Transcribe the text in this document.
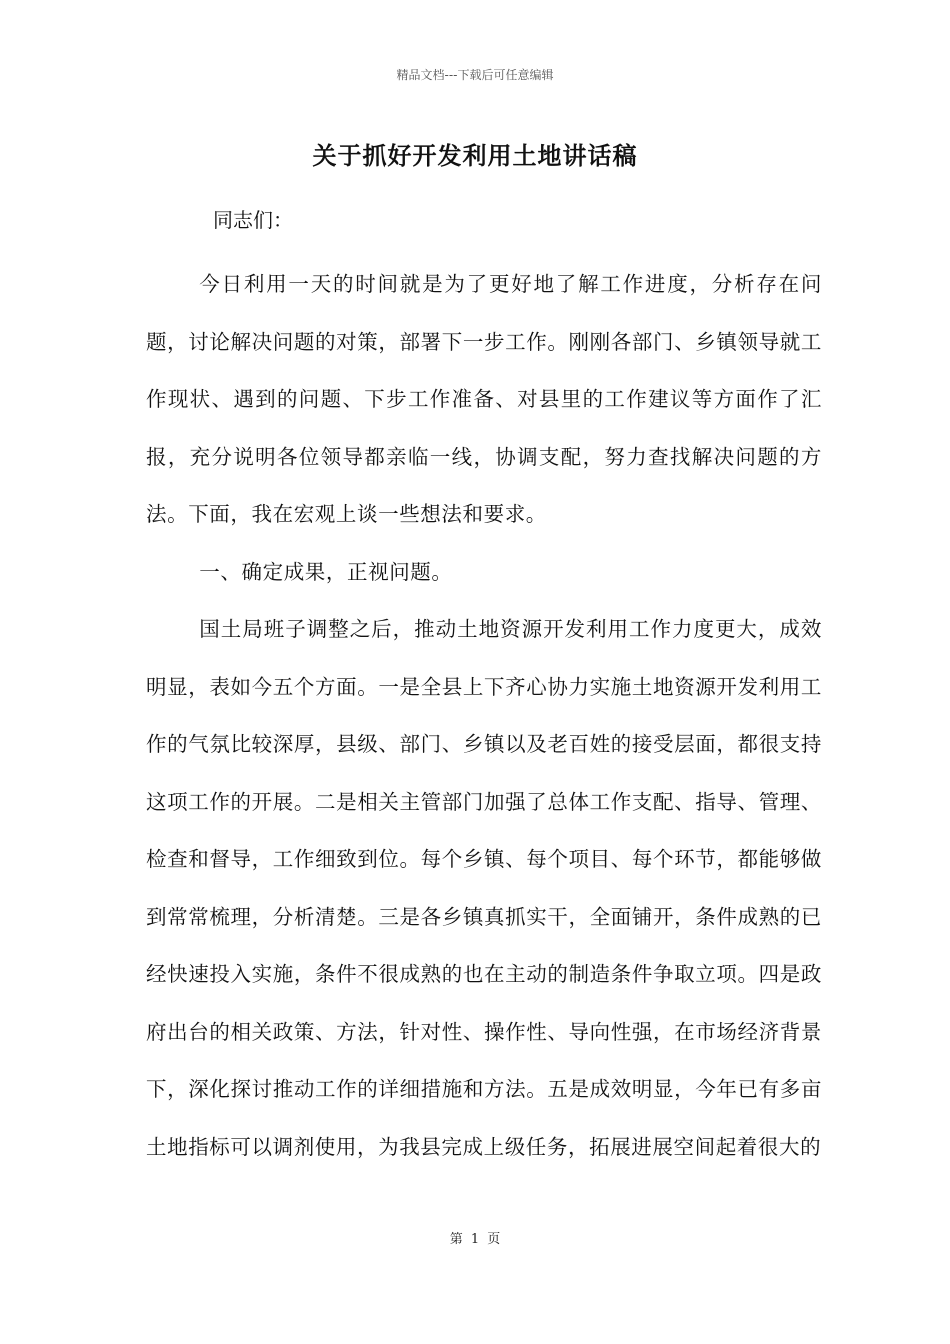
精品文档---下载后可任意编辑
关于抓好开发利用土地讲话稿
同志们：

今日利用一天的时间就是为了更好地了解工作进度，分析存在问题，讨论解决问题的对策，部署下一步工作。刚刚各部门、乡镇领导就工作现状、遇到的问题、下步工作准备、对县里的工作建议等方面作了汇报，充分说明各位领导都亲临一线，协调支配，努力查找解决问题的方法。下面，我在宏观上谈一些想法和要求。

一、确定成果，正视问题。

国土局班子调整之后，推动土地资源开发利用工作力度更大，成效明显，表如今五个方面。一是全县上下齐心协力实施土地资源开发利用工作的气氛比较深厚，县级、部门、乡镇以及老百姓的接受层面，都很支持这项工作的开展。二是相关主管部门加强了总体工作支配、指导、管理、检查和督导，工作细致到位。每个乡镇、每个项目、每个环节，都能够做到常常梳理，分析清楚。三是各乡镇真抓实干，全面铺开，条件成熟的已经快速投入实施，条件不很成熟的也在主动的制造条件争取立项。四是政府出台的相关政策、方法，针对性、操作性、导向性强，在市场经济背景下，深化探讨推动工作的详细措施和方法。五是成效明显，今年已有多亩土地指标可以调剂使用，为我县完成上级任务，拓展进展空间起着很大的

第 1 页
